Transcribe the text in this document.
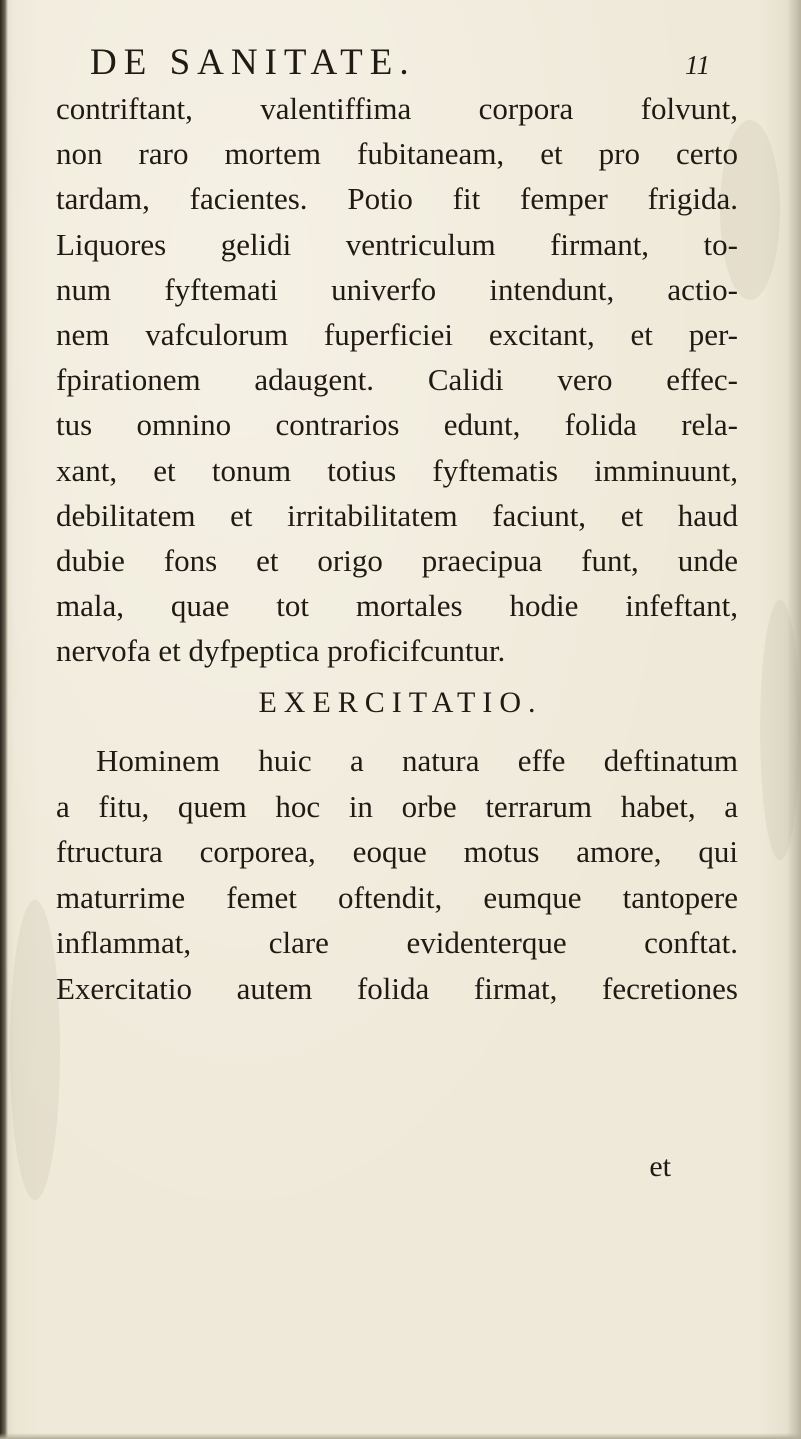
DE SANITATE.	11
contriftant, valentiffima corpora folvunt,
non raro mortem fubitaneam, et pro certo
tardam, facientes. Potio fit femper frigida.
Liquores gelidi ventriculum firmant, to-
num fyftemati univerfo intendunt, actio-
nem vafculorum fuperficiei excitant, et per-
fpirationem adaugent. Calidi vero effec-
tus omnino contrarios edunt, folida rela-
xant, et tonum totius fyftematis imminuunt,
debilitatem et irritabilitatem faciunt, et haud
dubie fons et origo praecipua funt, unde
mala, quae tot mortales hodie infeftant,
nervofa et dyfpeptica proficifcuntur.
EXERCITATIO.
Hominem huic a natura effe deftinatum
a fitu, quem hoc in orbe terrarum habet, a
ftructura corporea, eoque motus amore, qui
maturrime femet oftendit, eumque tantopere
inflammat, clare evidenterque conftat.
Exercitatio autem folida firmat, fecretiones
et
